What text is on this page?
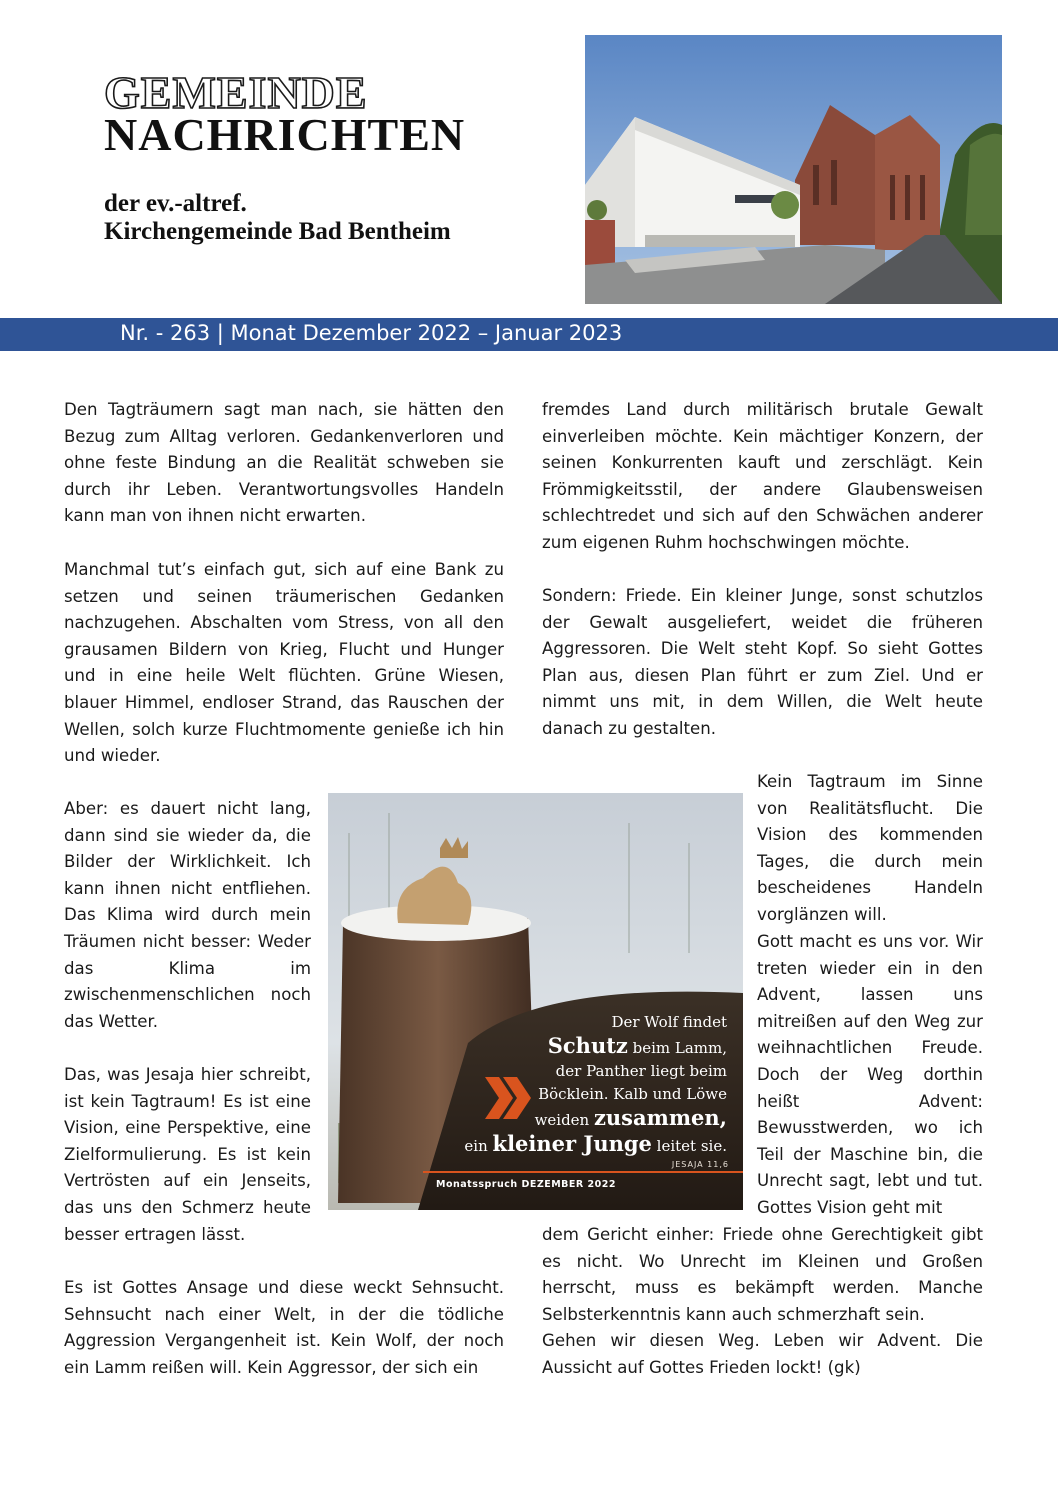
GEMEINDE
NACHRICHTEN
der ev.-altref.
Kirchengemeinde Bad Bentheim
Nr. - 263 | Monat Dezember 2022 – Januar 2023

Den Tagträumern sagt man nach, sie hätten den Bezug zum Alltag verloren. Gedankenverloren und ohne feste Bindung an die Realität schweben sie durch ihr Leben. Verantwortungsvolles Handeln kann man von ihnen nicht erwarten.

Manchmal tut’s einfach gut, sich auf eine Bank zu setzen und seinen träumerischen Gedanken nachzugehen. Abschalten vom Stress, von all den grausamen Bildern von Krieg, Flucht und Hunger und in eine heile Welt flüchten. Grüne Wiesen, blauer Himmel, endloser Strand, das Rauschen der Wellen, solch kurze Fluchtmomente genieße ich hin und wieder.

Aber: es dauert nicht lang, dann sind sie wieder da, die Bilder der Wirklichkeit. Ich kann ihnen nicht entfliehen. Das Klima wird durch mein Träumen nicht besser: Weder das Klima im zwischenmenschlichen noch das Wetter.

Das, was Jesaja hier schreibt, ist kein Tagtraum! Es ist eine Vision, eine Perspektive, eine Zielformulierung. Es ist kein Vertrösten auf ein Jenseits, das uns den Schmerz heute besser ertragen lässt.

Es ist Gottes Ansage und diese weckt Sehnsucht. Sehnsucht nach einer Welt, in der die tödliche Aggression Vergangenheit ist. Kein Wolf, der noch ein Lamm reißen will. Kein Aggressor, der sich ein

fremdes Land durch militärisch brutale Gewalt einverleiben möchte. Kein mächtiger Konzern, der seinen Konkurrenten kauft und zerschlägt. Kein Frömmigkeitsstil, der andere Glaubensweisen schlechtredet und sich auf den Schwächen anderer zum eigenen Ruhm hochschwingen möchte.

Sondern: Friede. Ein kleiner Junge, sonst schutzlos der Gewalt ausgeliefert, weidet die früheren Aggressoren. Die Welt steht Kopf. So sieht Gottes Plan aus, diesen Plan führt er zum Ziel. Und er nimmt uns mit, in dem Willen, die Welt heute danach zu gestalten.

Kein Tagtraum im Sinne von Realitätsflucht. Die Vision des kommenden Tages, die durch mein bescheidenes Handeln vorglänzen will.

Gott macht es uns vor. Wir treten wieder ein in den Advent, lassen uns mitreißen auf den Weg zur weihnachtlichen Freude. Doch der Weg dorthin heißt Advent: Bewusstwerden, wo ich Teil der Maschine bin, die Unrecht sagt, lebt und tut. Gottes Vision geht mit

dem Gericht einher: Friede ohne Gerechtigkeit gibt es nicht. Wo Unrecht im Kleinen und Großen herrscht, muss es bekämpft werden. Manche Selbsterkenntnis kann auch schmerzhaft sein.

Gehen wir diesen Weg. Leben wir Advent. Die Aussicht auf Gottes Frieden lockt! (gk)

Der Wolf findet
Schutz beim Lamm,
der Panther liegt beim
Böcklein. Kalb und Löwe
weiden zusammen,
ein kleiner Junge leitet sie.
JESAJA 11,6
Monatsspruch DEZEMBER 2022
